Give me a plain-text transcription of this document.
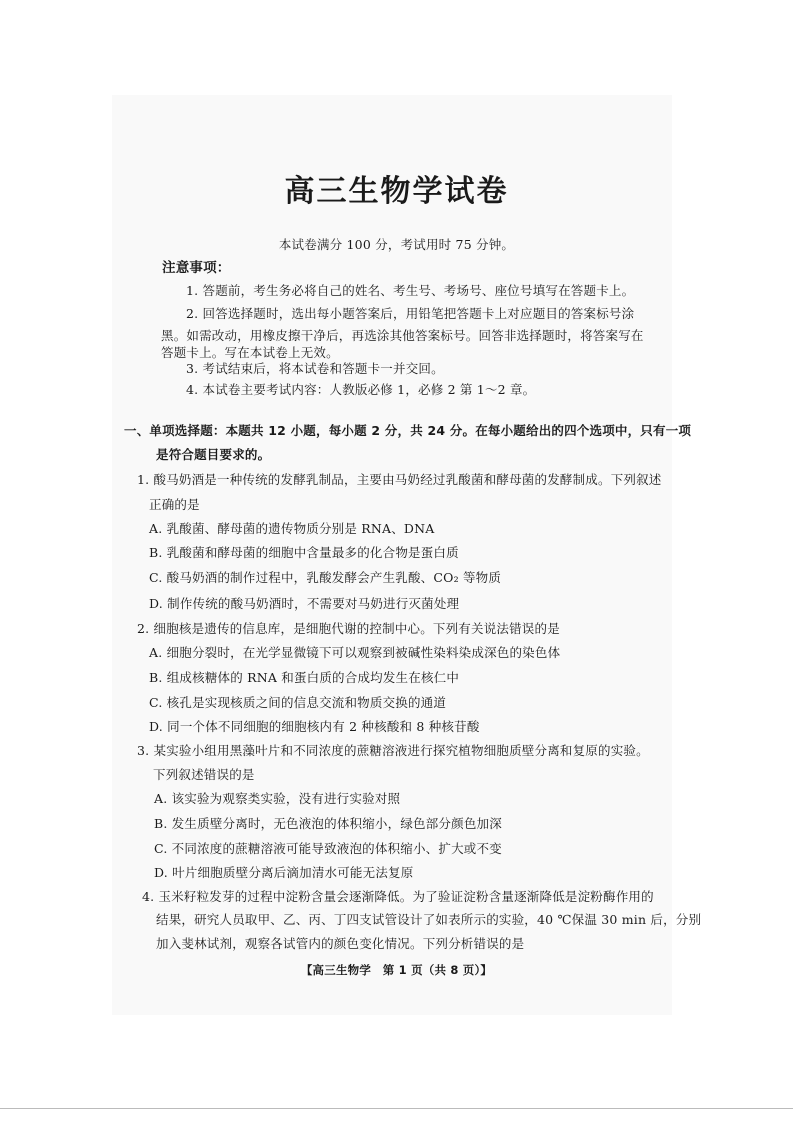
高三生物学试卷
本试卷满分 100 分，考试用时 75 分钟。
注意事项：
1. 答题前，考生务必将自己的姓名、考生号、考场号、座位号填写在答题卡上。
2. 回答选择题时，选出每小题答案后，用铅笔把答题卡上对应题目的答案标号涂
黑。如需改动，用橡皮擦干净后，再选涂其他答案标号。回答非选择题时，将答案写在
答题卡上。写在本试卷上无效。
3. 考试结束后，将本试卷和答题卡一并交回。
4. 本试卷主要考试内容：人教版必修 1，必修 2 第 1～2 章。
一、单项选择题：本题共 12 小题，每小题 2 分，共 24 分。在每小题给出的四个选项中，只有一项
是符合题目要求的。
1. 酸马奶酒是一种传统的发酵乳制品，主要由马奶经过乳酸菌和酵母菌的发酵制成。下列叙述
正确的是
A. 乳酸菌、酵母菌的遗传物质分别是 RNA、DNA
B. 乳酸菌和酵母菌的细胞中含量最多的化合物是蛋白质
C. 酸马奶酒的制作过程中，乳酸发酵会产生乳酸、CO₂ 等物质
D. 制作传统的酸马奶酒时，不需要对马奶进行灭菌处理
2. 细胞核是遗传的信息库，是细胞代谢的控制中心。下列有关说法错误的是
A. 细胞分裂时，在光学显微镜下可以观察到被碱性染料染成深色的染色体
B. 组成核糖体的 RNA 和蛋白质的合成均发生在核仁中
C. 核孔是实现核质之间的信息交流和物质交换的通道
D. 同一个体不同细胞的细胞核内有 2 种核酸和 8 种核苷酸
3. 某实验小组用黑藻叶片和不同浓度的蔗糖溶液进行探究植物细胞质壁分离和复原的实验。
下列叙述错误的是
A. 该实验为观察类实验，没有进行实验对照
B. 发生质壁分离时，无色液泡的体积缩小，绿色部分颜色加深
C. 不同浓度的蔗糖溶液可能导致液泡的体积缩小、扩大或不变
D. 叶片细胞质壁分离后滴加清水可能无法复原
4. 玉米籽粒发芽的过程中淀粉含量会逐渐降低。为了验证淀粉含量逐渐降低是淀粉酶作用的
结果，研究人员取甲、乙、丙、丁四支试管设计了如表所示的实验，40 ℃保温 30 min 后，分别
加入斐林试剂，观察各试管内的颜色变化情况。下列分析错误的是
【高三生物学　第 1 页（共 8 页）】
